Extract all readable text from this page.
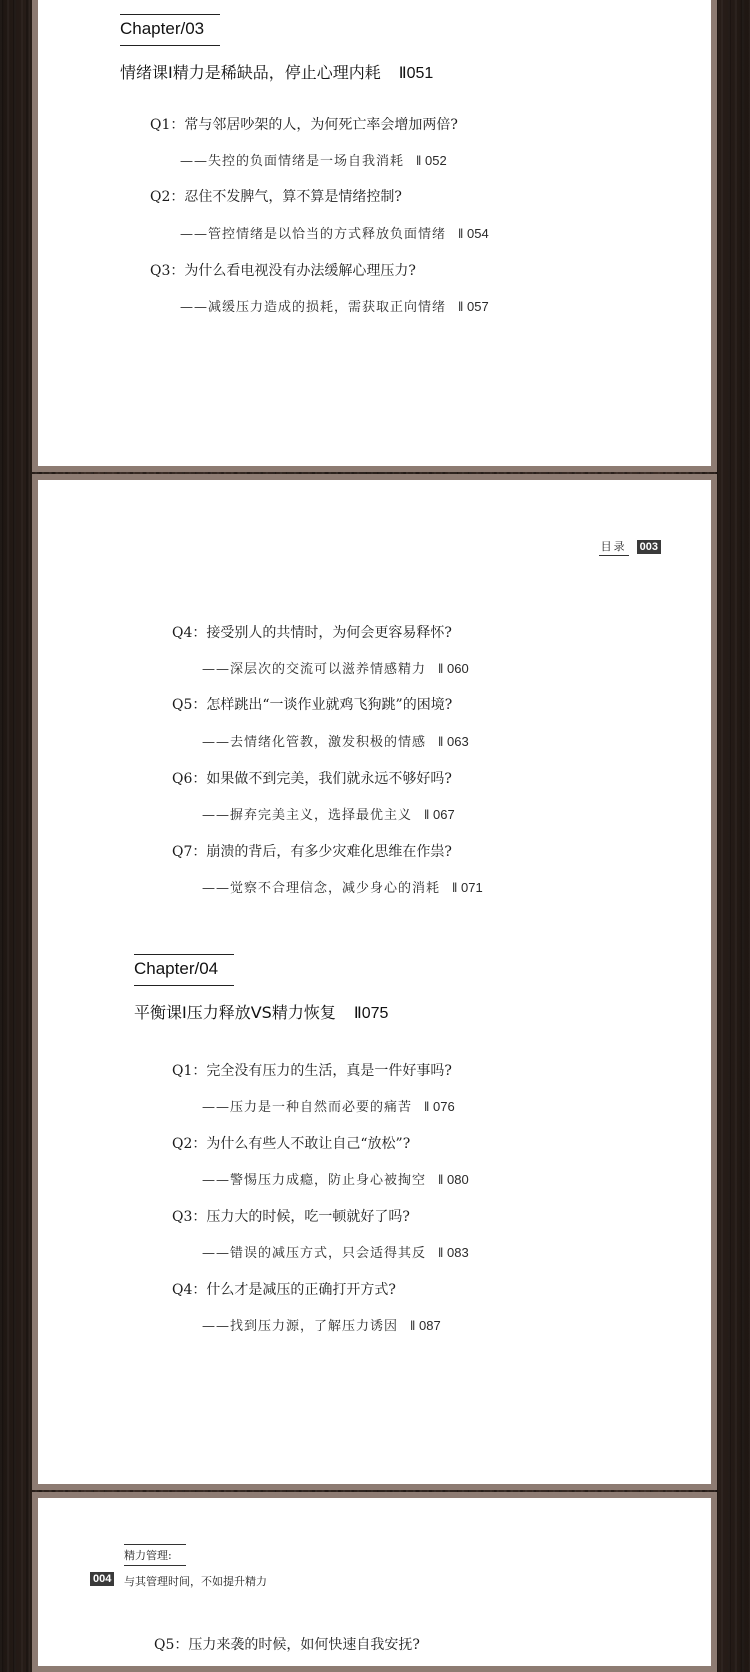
Chapter/03
情绪课Ⅰ精力是稀缺品，停止心理内耗 Ⅱ051
Q1：常与邻居吵架的人，为何死亡率会增加两倍?
——失控的负面情绪是一场自我消耗 ‖ 052
Q2：忍住不发脾气，算不算是情绪控制?
——管控情绪是以恰当的方式释放负面情绪 ‖ 054
Q3：为什么看电视没有办法缓解心理压力?
——减缓压力造成的损耗，需获取正向情绪 ‖ 057
目录 003
Q4：接受别人的共情时，为何会更容易释怀?
——深层次的交流可以滋养情感精力 ‖ 060
Q5：怎样跳出“一谈作业就鸡飞狗跳”的困境?
——去情绪化管教，激发积极的情感 ‖ 063
Q6：如果做不到完美，我们就永远不够好吗?
——摒弃完美主义，选择最优主义 ‖ 067
Q7：崩溃的背后，有多少灾难化思维在作祟?
——觉察不合理信念，减少身心的消耗 ‖ 071
Chapter/04
平衡课Ⅰ压力释放VS精力恢复 Ⅱ075
Q1：完全没有压力的生活，真是一件好事吗?
——压力是一种自然而必要的痛苦 ‖ 076
Q2：为什么有些人不敢让自己“放松”?
——警惕压力成瘾，防止身心被掏空 ‖ 080
Q3：压力大的时候，吃一顿就好了吗?
——错误的减压方式，只会适得其反 ‖ 083
Q4：什么才是减压的正确打开方式?
——找到压力源，了解压力诱因 ‖ 087
精力管理:
004 与其管理时间，不如提升精力
Q5：压力来袭的时候，如何快速自我安抚?
